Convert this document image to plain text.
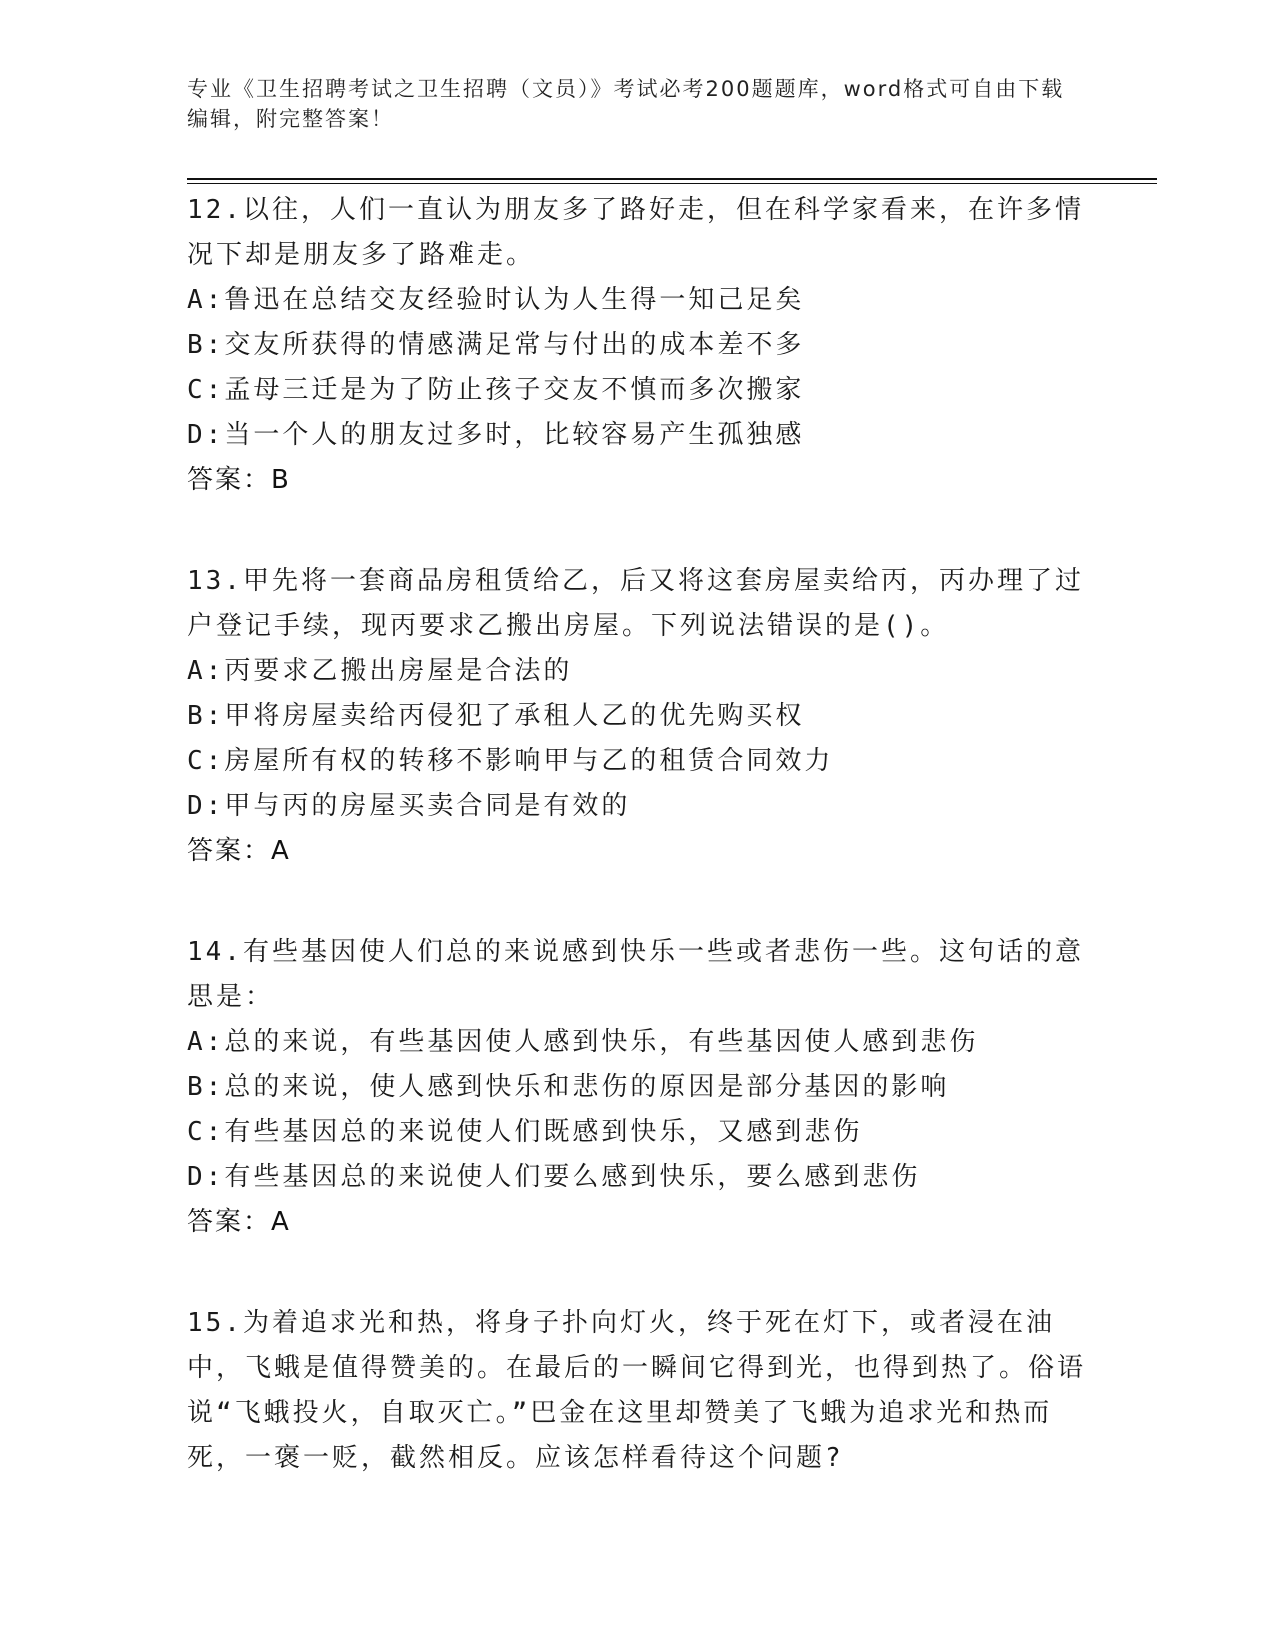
专业《卫生招聘考试之卫生招聘（文员）》考试必考200题题库，word格式可自由下载编辑，附完整答案！

12.以往，人们一直认为朋友多了路好走，但在科学家看来，在许多情况下却是朋友多了路难走。

A: 鲁迅在总结交友经验时认为人生得一知己足矣
B: 交友所获得的情感满足常与付出的成本差不多
C: 孟母三迁是为了防止孩子交友不慎而多次搬家
D: 当一个人的朋友过多时，比较容易产生孤独感

答案：B

13.甲先将一套商品房租赁给乙，后又将这套房屋卖给丙，丙办理了过户登记手续，现丙要求乙搬出房屋。下列说法错误的是()。

A: 丙要求乙搬出房屋是合法的
B: 甲将房屋卖给丙侵犯了承租人乙的优先购买权
C: 房屋所有权的转移不影响甲与乙的租赁合同效力
D: 甲与丙的房屋买卖合同是有效的

答案：A

14.有些基因使人们总的来说感到快乐一些或者悲伤一些。这句话的意思是：

A: 总的来说，有些基因使人感到快乐，有些基因使人感到悲伤
B: 总的来说，使人感到快乐和悲伤的原因是部分基因的影响
C: 有些基因总的来说使人们既感到快乐，又感到悲伤
D: 有些基因总的来说使人们要么感到快乐，要么感到悲伤

答案：A

15.为着追求光和热，将身子扑向灯火，终于死在灯下，或者浸在油中，飞蛾是值得赞美的。在最后的一瞬间它得到光，也得到热了。俗语说“飞蛾投火，自取灭亡。”巴金在这里却赞美了飞蛾为追求光和热而死，一褒一贬，截然相反。应该怎样看待这个问题?
